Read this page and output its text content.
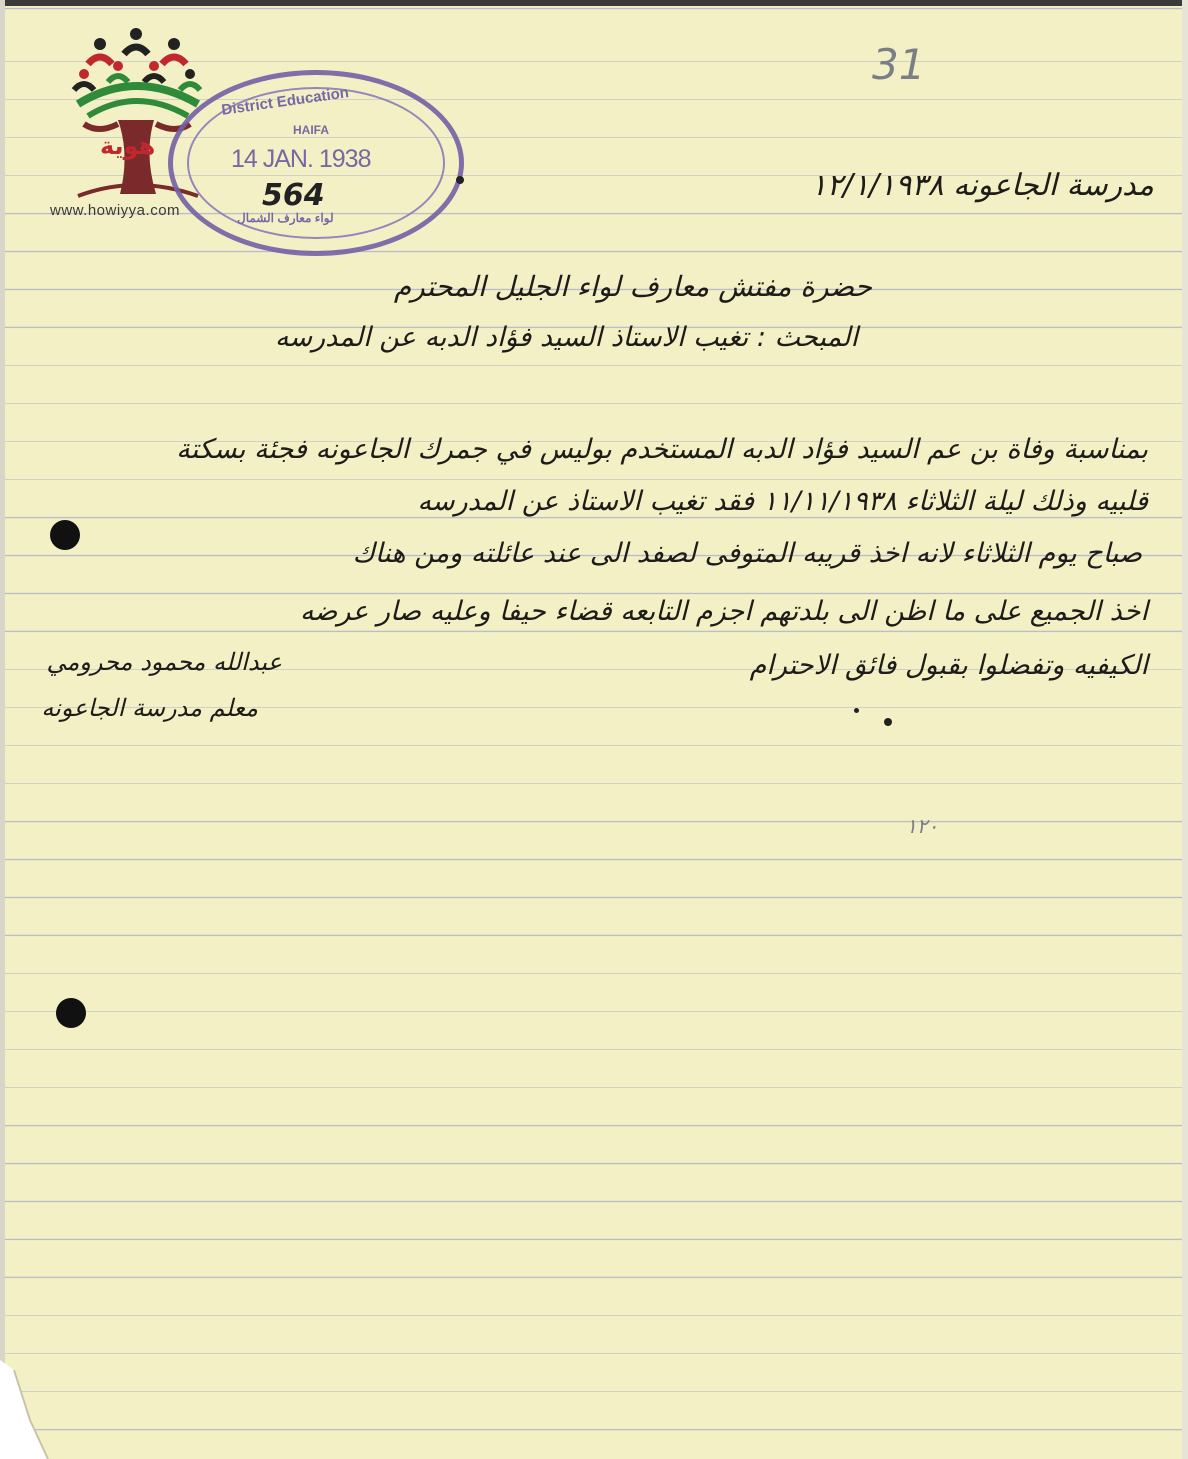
هوية
www.howiyya.com
District Education
HAIFA
14 JAN. 1938
لواء معارف الشمال
564
31
مدرسة الجاعونه ١٢/١/١٩٣٨
حضرة مفتش معارف لواء الجليل المحترم
المبحث : تغيب الاستاذ السيد فؤاد الدبه عن المدرسه
بمناسبة وفاة بن عم السيد فؤاد الدبه المستخدم بوليس في جمرك الجاعونه فجئة بسكتة
قلبيه وذلك ليلة الثلاثاء ١١/١١/١٩٣٨ فقد تغيب الاستاذ عن المدرسه
صباح يوم الثلاثاء لانه اخذ قريبه المتوفى لصفد الى عند عائلته ومن هناك
اخذ الجميع على ما اظن الى بلدتهم اجزم التابعه قضاء حيفا وعليه صار عرضه
الكيفيه وتفضلوا بقبول فائق الاحترام
عبدالله محمود محرومي
معلم مدرسة الجاعونه
١٢٠
